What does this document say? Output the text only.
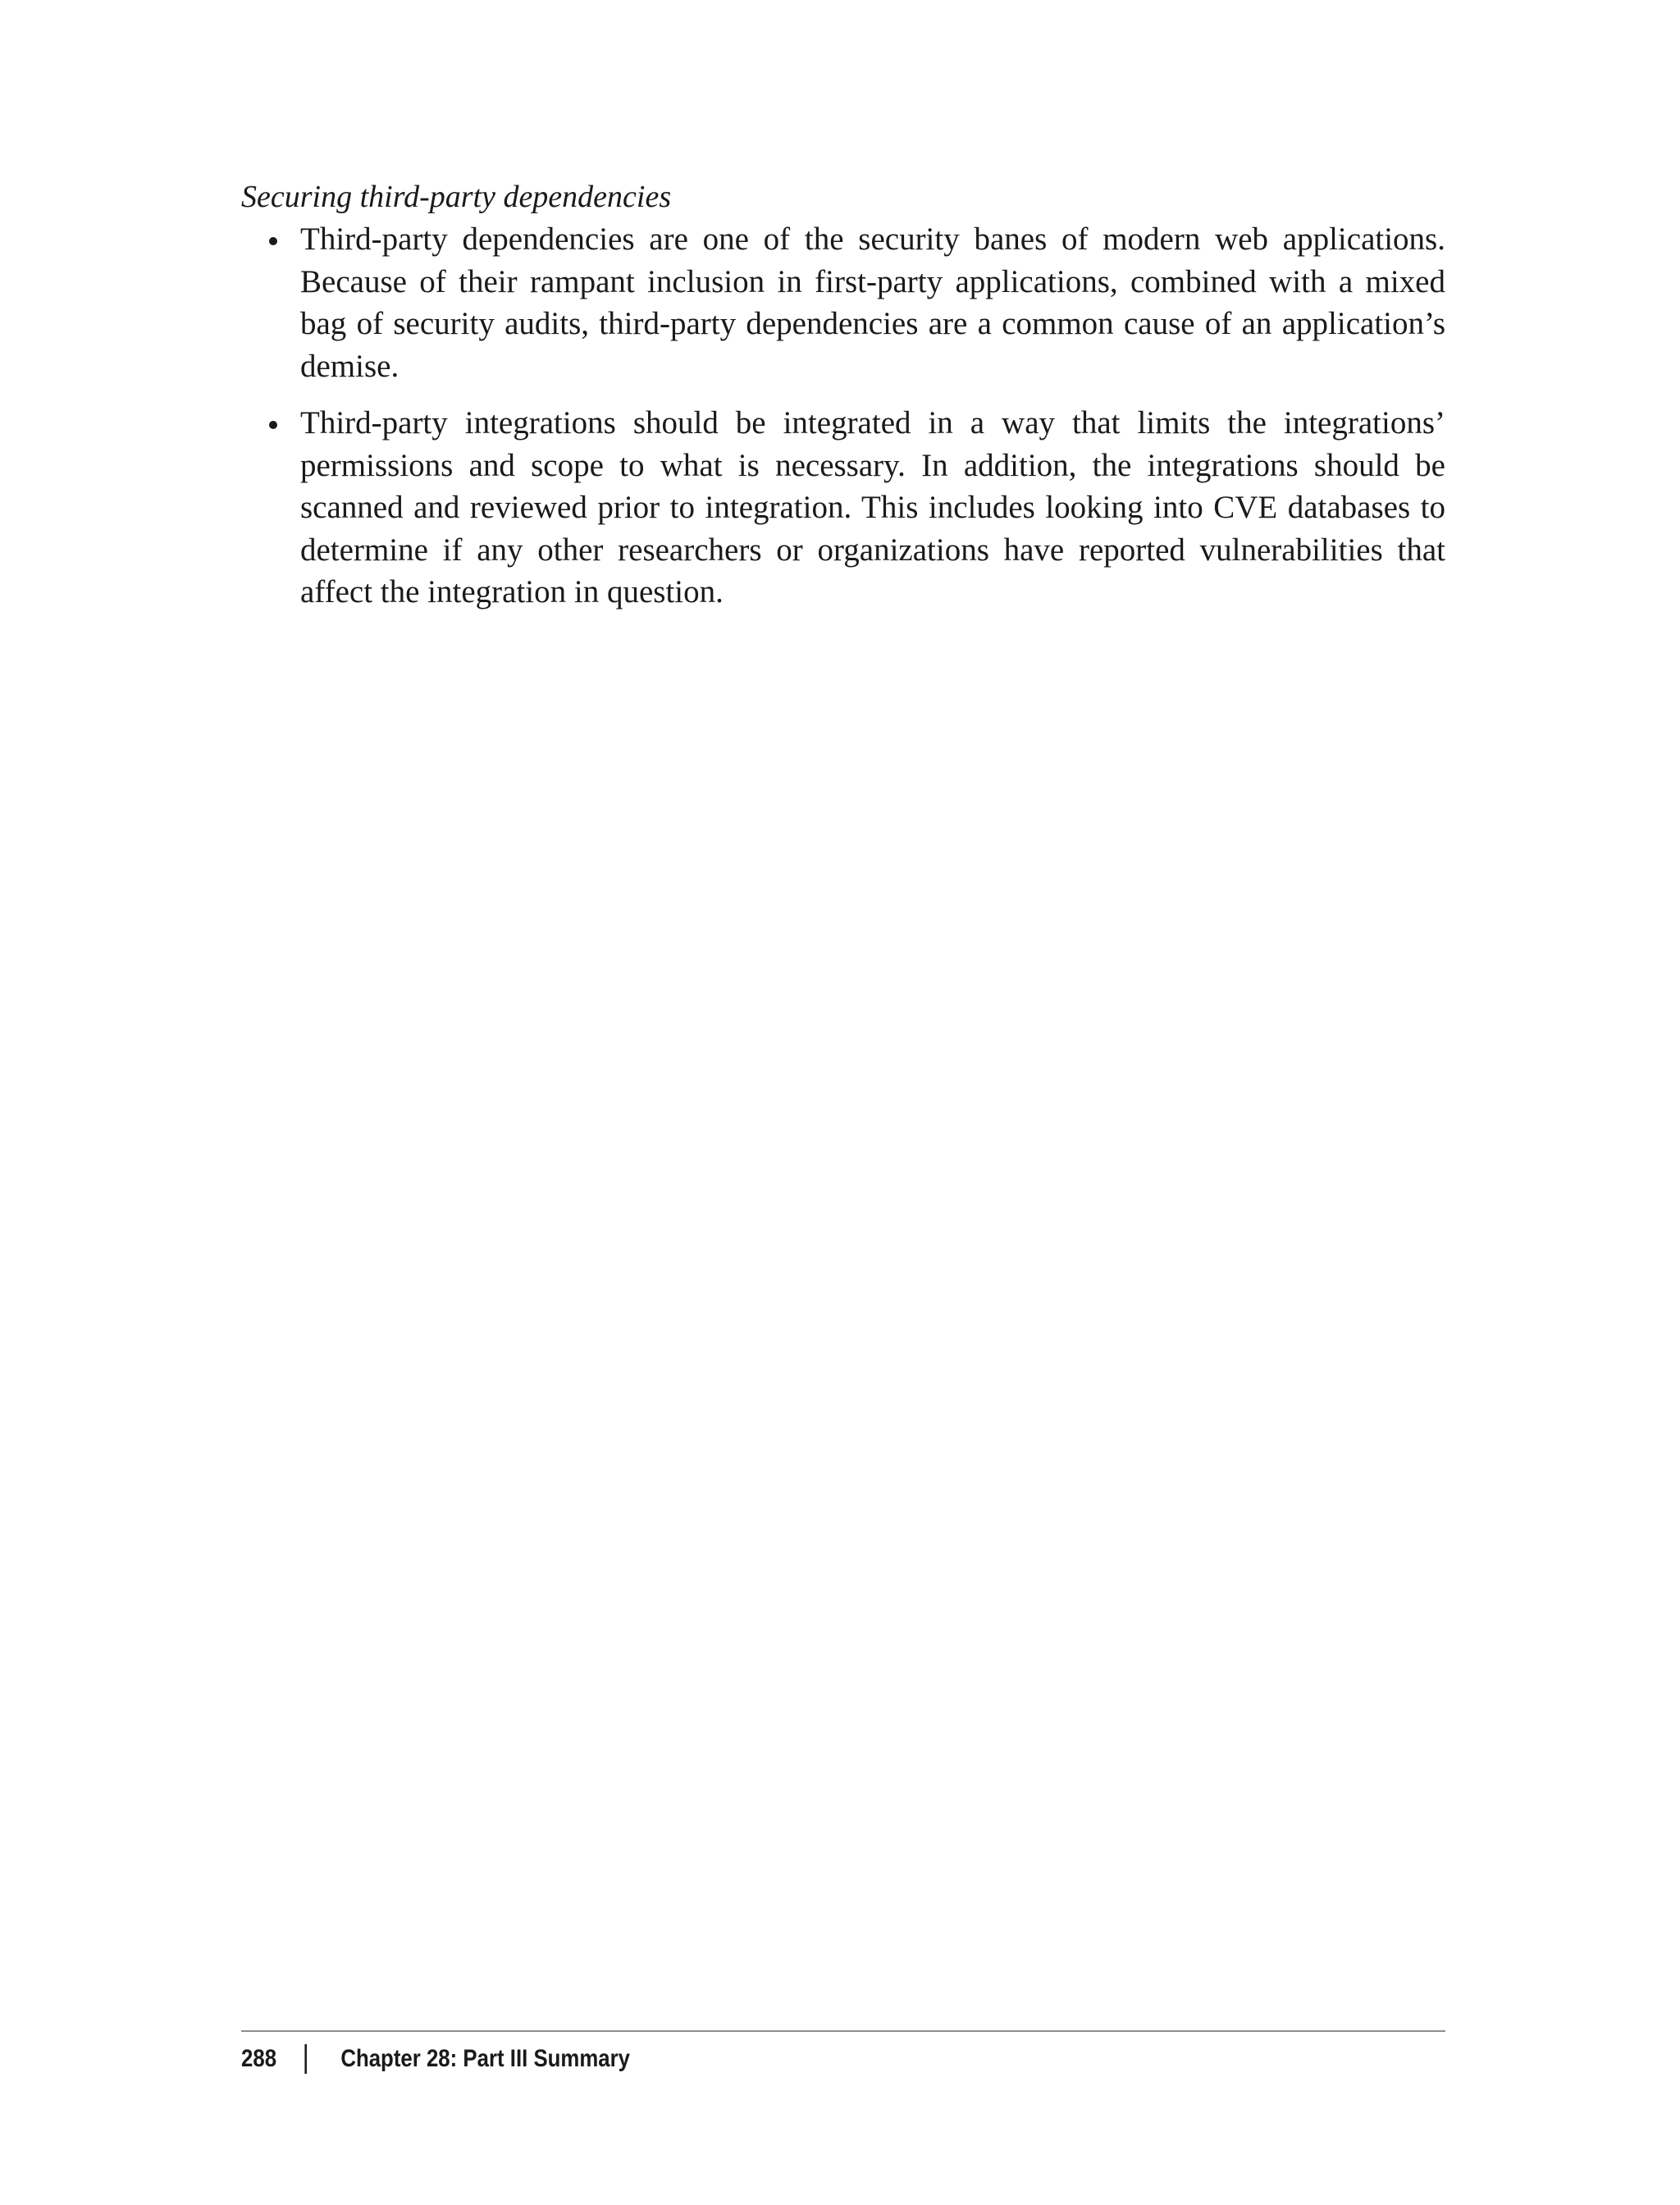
Securing third-party dependencies

Third-party dependencies are one of the security banes of modern web applications. Because of their rampant inclusion in first-party applications, combined with a mixed bag of security audits, third-party dependencies are a common cause of an application’s demise.
Third-party integrations should be integrated in a way that limits the integrations’ permissions and scope to what is necessary. In addition, the integrations should be scanned and reviewed prior to integration. This includes looking into CVE databases to determine if any other researchers or organizations have reported vulnerabilities that affect the integration in question.
288	Chapter 28: Part III Summary
